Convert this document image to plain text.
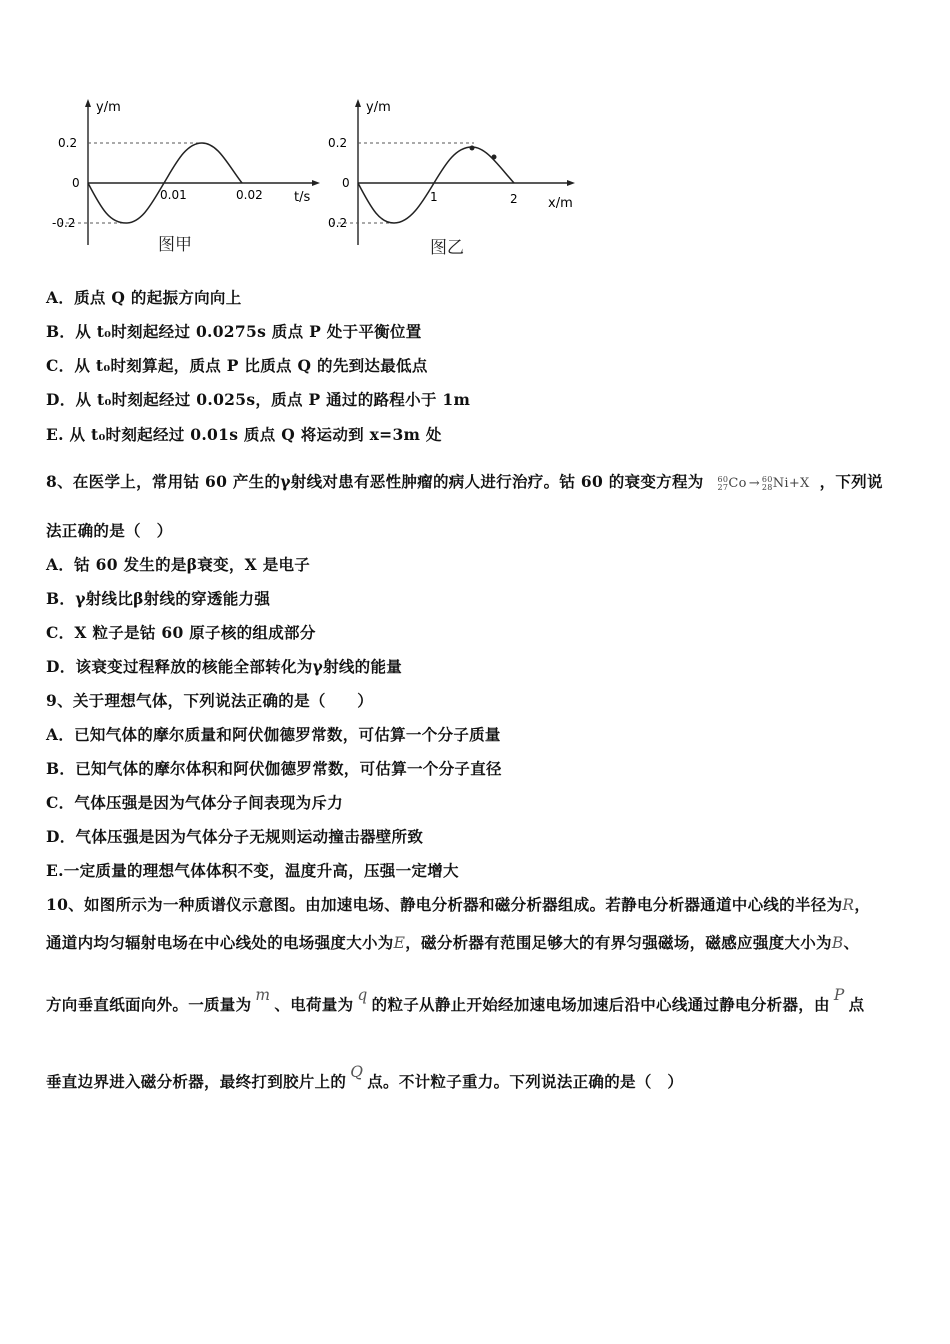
y/m
t/s
0.2
0
-0.2
0.01	0.02
图甲
y/m
x/m
0.2
0
0.2
1	2
图乙
A．质点 Q 的起振方向向上
B．从 t₀时刻起经过 0.0275s 质点 P 处于平衡位置
C．从 t₀时刻算起，质点 P 比质点 Q 的先到达最低点
D．从 t₀时刻起经过 0.025s，质点 P 通过的路程小于 1m
E. 从 t₀时刻起经过 0.01s 质点 Q 将运动到 x=3m 处
8、在医学上，常用钴 60 产生的γ射线对患有恶性肿瘤的病人进行治疗。钴 60 的衰变方程为 60
27Co → 60
28Ni+X ，下列说
法正确的是（　）
A．钴 60 发生的是β衰变，X 是电子
B．γ射线比β射线的穿透能力强
C．X 粒子是钴 60 原子核的组成部分
D．该衰变过程释放的核能全部转化为γ射线的能量
9、关于理想气体，下列说法正确的是（　　）
A．已知气体的摩尔质量和阿伏伽德罗常数，可估算一个分子质量
B．已知气体的摩尔体积和阿伏伽德罗常数，可估算一个分子直径
C．气体压强是因为气体分子间表现为斥力
D．气体压强是因为气体分子无规则运动撞击器壁所致
E.一定质量的理想气体体积不变，温度升高，压强一定增大
10、如图所示为一种质谱仪示意图。由加速电场、静电分析器和磁分析器组成。若静电分析器通道中心线的半径为R，
通道内均匀辐射电场在中心线处的电场强度大小为E，磁分析器有范围足够大的有界匀强磁场，磁感应强度大小为B、
方向垂直纸面向外。一质量为 m 、电荷量为 q 的粒子从静止开始经加速电场加速后沿中心线通过静电分析器，由 P 点
垂直边界进入磁分析器，最终打到胶片上的 Q 点。不计粒子重力。下列说法正确的是（　）
